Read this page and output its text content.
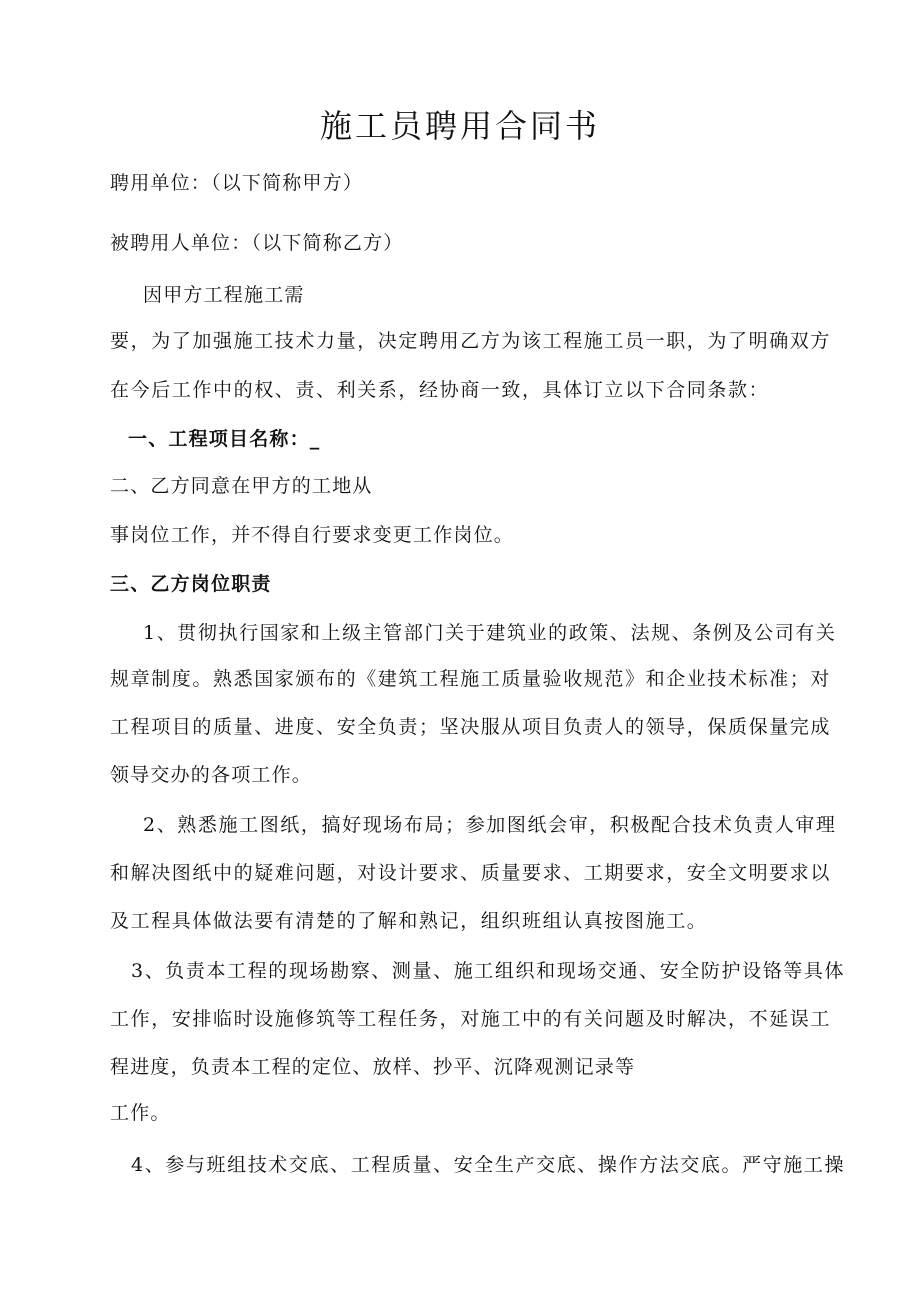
施工员聘用合同书
聘用单位：（以下简称甲方）
被聘用人单位：（以下简称乙方）
因甲方工程施工需
要，为了加强施工技术力量，决定聘用乙方为该工程施工员一职，为了明确双方
在今后工作中的权、责、利关系，经协商一致，具体订立以下合同条款：
一、工程项目名称：_
二、乙方同意在甲方的工地从
事岗位工作，并不得自行要求变更工作岗位。
三、乙方岗位职责
1、贯彻执行国家和上级主管部门关于建筑业的政策、法规、条例及公司有关
规章制度。熟悉国家颁布的《建筑工程施工质量验收规范》和企业技术标准；对
工程项目的质量、进度、安全负责；坚决服从项目负责人的领导，保质保量完成
领导交办的各项工作。
2、熟悉施工图纸，搞好现场布局；参加图纸会审，积极配合技术负责人审理
和解决图纸中的疑难问题，对设计要求、质量要求、工期要求，安全文明要求以
及工程具体做法要有清楚的了解和熟记，组织班组认真按图施工。
3、负责本工程的现场勘察、测量、施工组织和现场交通、安全防护设铬等具体
工作，安排临时设施修筑等工程任务，对施工中的有关问题及时解决，不延误工
程进度，负责本工程的定位、放样、抄平、沉降观测记录等
工作。
4、参与班组技术交底、工程质量、安全生产交底、操作方法交底。严守施工操
